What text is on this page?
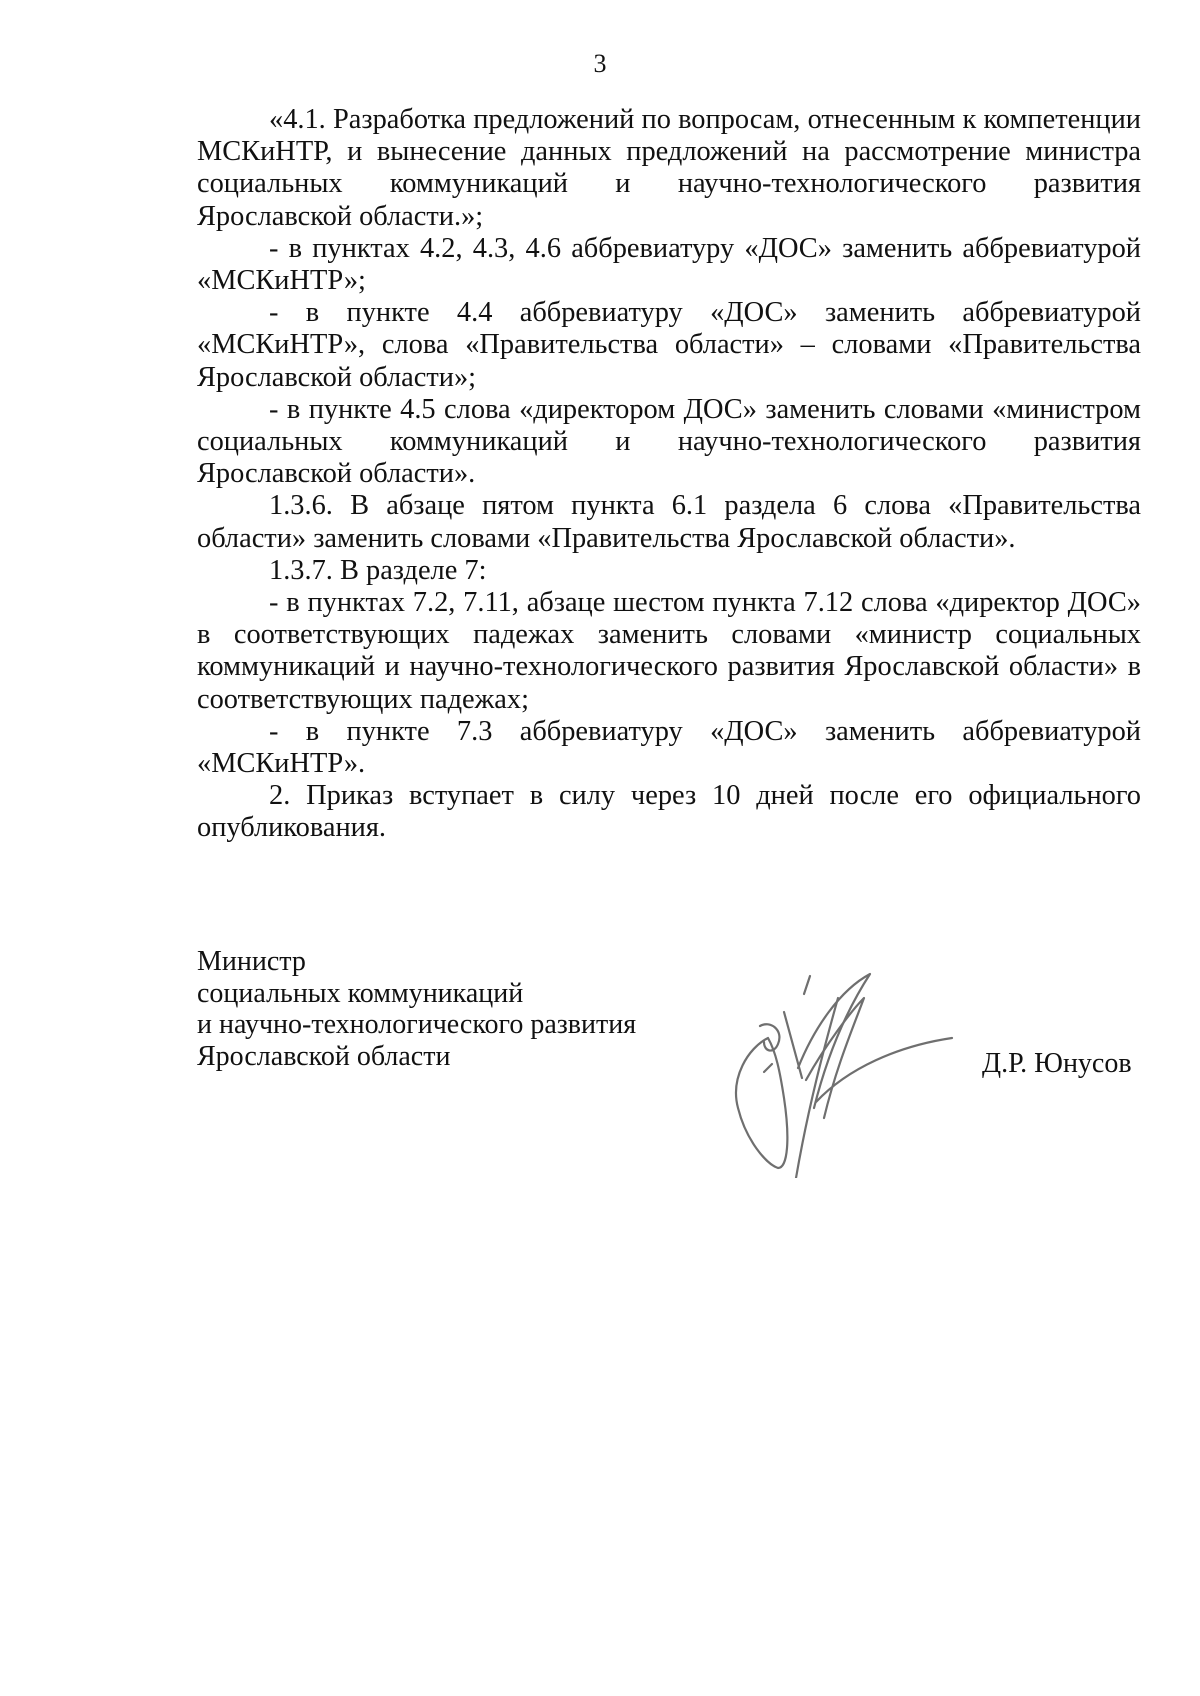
3

«4.1. Разработка предложений по вопросам, отнесенным к компетенции МСКиНТР, и вынесение данных предложений на рассмотрение министра социальных коммуникаций и научно-технологического развития Ярославской области.»;

- в пунктах 4.2, 4.3, 4.6 аббревиатуру «ДОС» заменить аббревиатурой «МСКиНТР»;

- в пункте 4.4 аббревиатуру «ДОС» заменить аббревиатурой «МСКиНТР», слова «Правительства области» – словами «Правительства Ярославской области»;

- в пункте 4.5 слова «директором ДОС» заменить словами «министром социальных коммуникаций и научно-технологического развития Ярославской области».

1.3.6. В абзаце пятом пункта 6.1 раздела 6 слова «Правительства области» заменить словами «Правительства Ярославской области».

1.3.7. В разделе 7:

- в пунктах 7.2, 7.11, абзаце шестом пункта 7.12 слова «директор ДОС» в соответствующих падежах заменить словами «министр социальных коммуникаций и научно-технологического развития Ярославской области» в соответствующих падежах;

- в пункте 7.3 аббревиатуру «ДОС» заменить аббревиатурой «МСКиНТР».

2. Приказ вступает в силу через 10 дней после его официального опубликования.

Министр
социальных коммуникаций
и научно-технологического развития
Ярославской области	Д.Р. Юнусов
